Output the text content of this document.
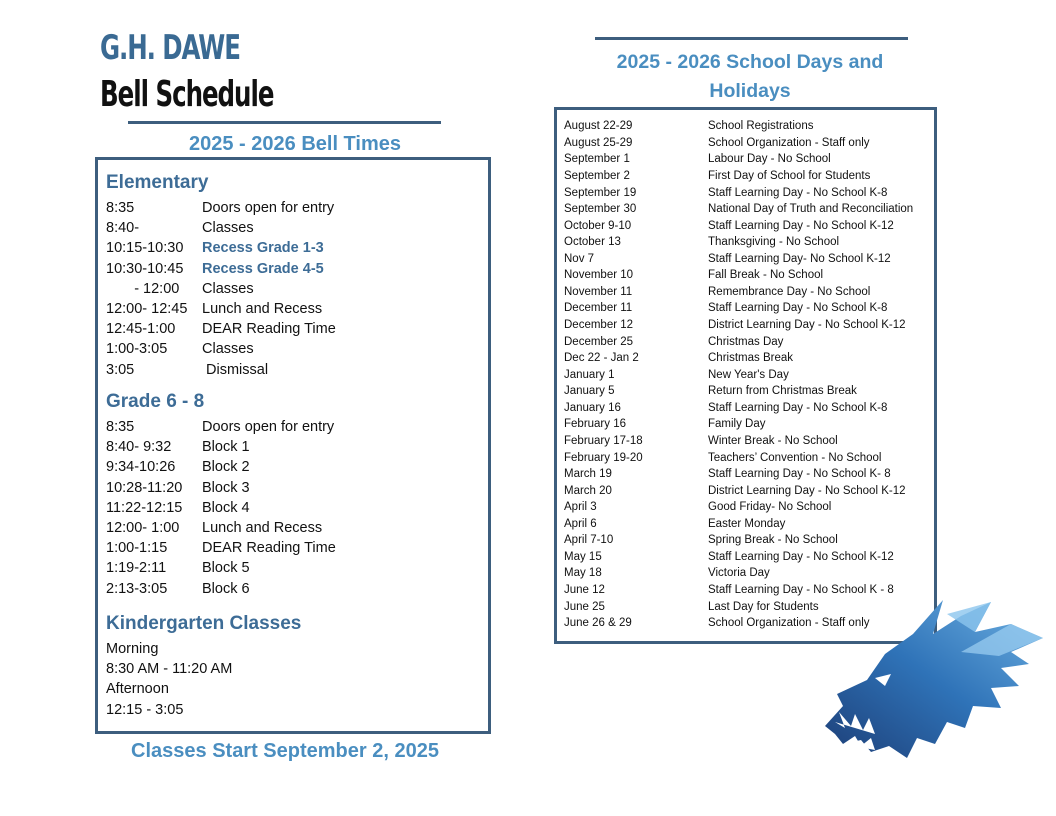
G.H. DAWE
Bell Schedule
2025 - 2026 Bell Times
Elementary
8:35	Doors open for entry
8:40-	Classes
10:15-10:30	Recess Grade 1-3
10:30-10:45	Recess Grade 4-5
- 12:00	Classes
12:00- 12:45	Lunch and Recess
12:45-1:00	DEAR Reading Time
1:00-3:05	Classes
3:05	Dismissal
Grade 6 - 8
8:35	Doors open for entry
8:40- 9:32	Block 1
9:34-10:26	Block 2
10:28-11:20	Block 3
11:22-12:15	Block 4
12:00- 1:00	Lunch and Recess
1:00-1:15	DEAR Reading Time
1:19-2:11	Block 5
2:13-3:05	Block 6
Kindergarten Classes
Morning
8:30 AM - 11:20 AM
Afternoon
12:15 - 3:05
Classes Start September 2, 2025
2025 - 2026 School Days and Holidays
August 22-29	School Registrations
August 25-29	School Organization - Staff only
September 1	Labour Day - No School
September 2	First Day of School for Students
September 19	Staff Learning Day - No School K-8
September 30	National Day of Truth and Reconciliation
October 9-10	Staff Learning Day - No School K-12
October 13	Thanksgiving - No School
Nov 7	Staff Learning Day- No School K-12
November 10	Fall Break - No School
November 11	Remembrance Day - No School
December 11	Staff Learning Day - No School K-8
December 12	District Learning Day - No School K-12
December 25	Christmas Day
Dec 22 - Jan 2	Christmas Break
January 1	New Year's Day
January 5	Return from Christmas Break
January 16	Staff Learning Day - No School K-8
February 16	Family Day
February 17-18	Winter Break - No School
February 19-20	Teachers’ Convention - No School
March 19	Staff Learning Day - No School K- 8
March 20	District Learning Day - No School K-12
April 3	Good Friday- No School
April 6	Easter Monday
April 7-10	Spring Break - No School
May 15	Staff Learning Day - No School K-12
May 18	Victoria Day
June 12	Staff Learning Day - No School K - 8
June 25	Last Day for Students
June 26 & 29	School Organization - Staff only
